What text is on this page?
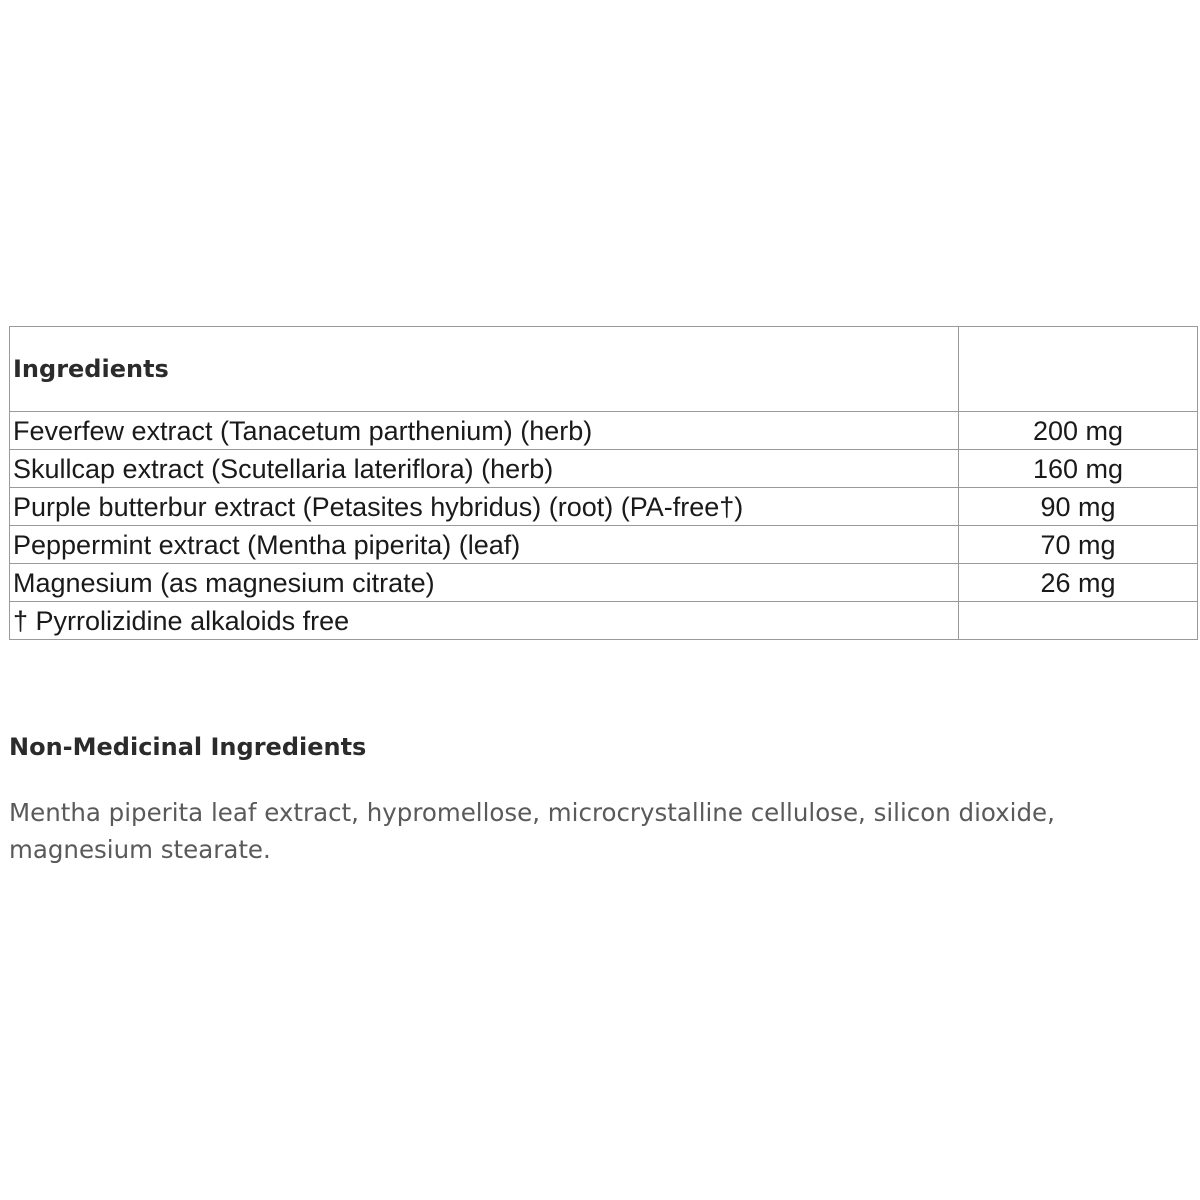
Ingredients	
Feverfew extract (Tanacetum parthenium) (herb)	200 mg
Skullcap extract (Scutellaria lateriflora) (herb)	160 mg
Purple butterbur extract (Petasites hybridus) (root) (PA-free†)	90 mg
Peppermint extract (Mentha piperita) (leaf)	70 mg
Magnesium (as magnesium citrate)	26 mg
† Pyrrolizidine alkaloids free	
Non-Medicinal Ingredients

Mentha piperita leaf extract, hypromellose, microcrystalline cellulose, silicon dioxide, magnesium stearate.
